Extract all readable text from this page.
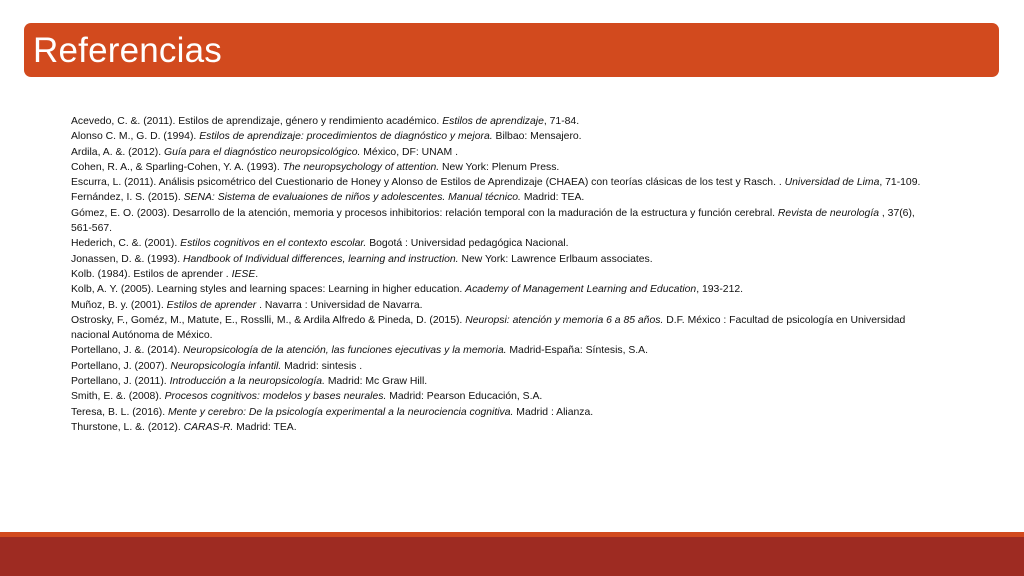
Referencias

Acevedo, C. &. (2011). Estilos de aprendizaje, género y rendimiento académico. Estilos de aprendizaje, 71-84.

Alonso C. M., G. D. (1994). Estilos de aprendizaje: procedimientos de diagnóstico y mejora. Bilbao: Mensajero.

Ardila, A. &. (2012). Guía para el diagnóstico neuropsicológico. México, DF: UNAM .

Cohen, R. A., & Sparling-Cohen, Y. A. (1993). The neuropsychology of attention. New York: Plenum Press.

Escurra, L. (2011). Análisis psicométrico del Cuestionario de Honey y Alonso de Estilos de Aprendizaje (CHAEA) con teorías clásicas de los test y Rasch. . Universidad de Lima, 71-109.

Fernández, I. S. (2015). SENA: Sistema de evaluaiones de niños y adolescentes. Manual técnico. Madrid: TEA.

Gómez, E. O. (2003). Desarrollo de la atención, memoria y procesos inhibitorios: relación temporal con la maduración de la estructura y función cerebral. Revista de neurología , 37(6), 561-567.

Hederich, C. &. (2001). Estilos cognitivos en el contexto escolar. Bogotá : Universidad pedagógica Nacional.

Jonassen, D. &. (1993). Handbook of Individual differences, learning and instruction. New York: Lawrence Erlbaum associates.

Kolb. (1984). Estilos de aprender . IESE.

Kolb, A. Y. (2005). Learning styles and learning spaces: Learning in higher education. Academy of Management Learning and Education, 193-212.

Muñoz, B. y. (2001). Estilos de aprender . Navarra : Universidad de Navarra.

Ostrosky, F., Goméz, M., Matute, E., Rosslli, M., & Ardila Alfredo & Pineda, D. (2015). Neuropsi: atención y memoria 6 a 85 años. D.F. México : Facultad de psicología en Universidad nacional Autónoma de México.

Portellano, J. &. (2014). Neuropsicología de la atención, las funciones ejecutivas y la memoria. Madrid-España: Síntesis, S.A.

Portellano, J. (2007). Neuropsicología infantil. Madrid: sintesis .

Portellano, J. (2011). Introducción a la neuropsicología. Madrid: Mc Graw Hill.

Smith, E. &. (2008). Procesos cognitivos: modelos y bases neurales. Madrid: Pearson Educación, S.A.

Teresa, B. L. (2016). Mente y cerebro: De la psicología experimental a la neurociencia cognitiva. Madrid : Alianza.

Thurstone, L. &. (2012). CARAS-R. Madrid: TEA.
